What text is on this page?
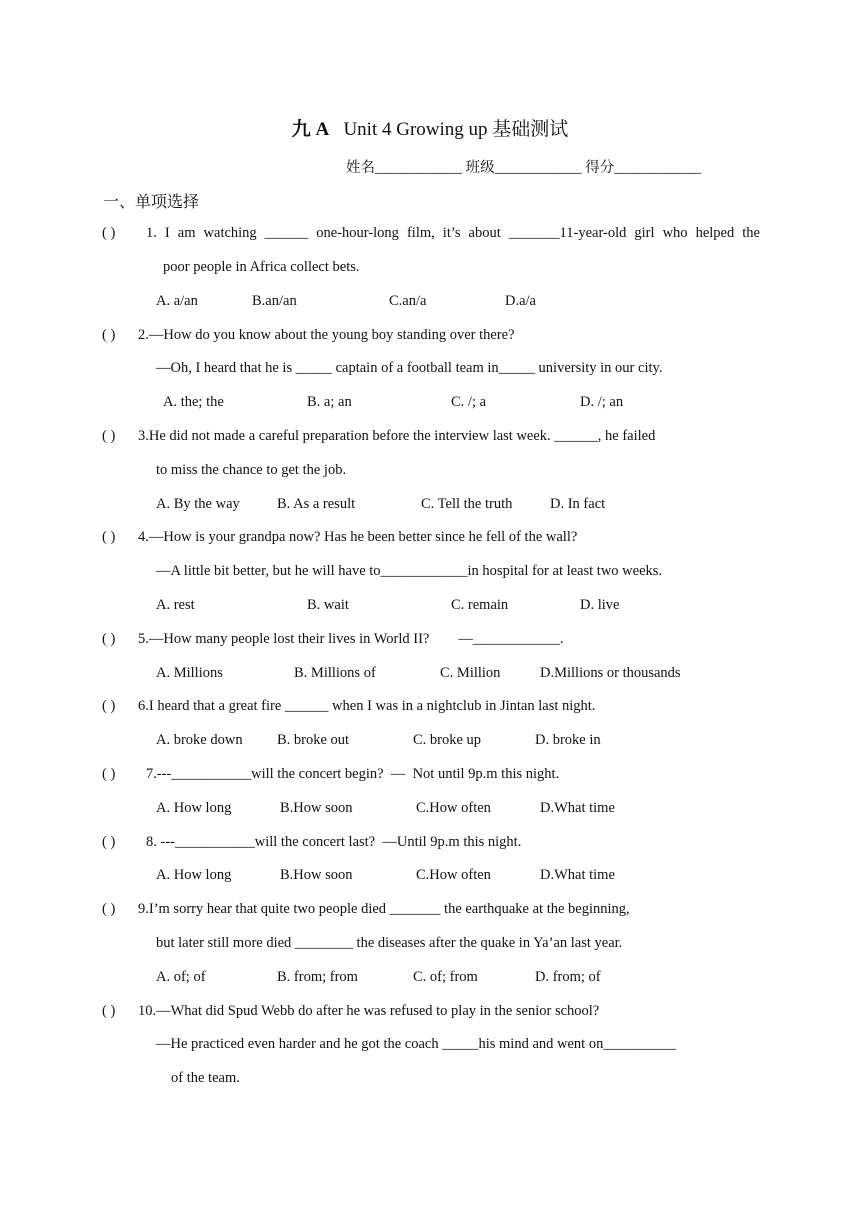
九 A Unit 4 Growing up 基础测试
姓名____________ 班级____________ 得分____________
一、单项选择
( ) 1. I am watching ______ one-hour-long film, it’s about _______11-year-old girl who helped the
poor people in Africa collect bets.
A. a/an	B.an/an	C.an/a	D.a/a
( ) 2.—How do you know about the young boy standing over there?
—Oh, I heard that he is _____ captain of a football team in_____ university in our city.
A. the; the	B. a; an	C. /; a	D. /; an
( ) 3.He did not made a careful preparation before the interview last week. ______, he failed
to miss the chance to get the job.
A. By the way	B. As a result	C. Tell the truth	D. In fact
( ) 4.—How is your grandpa now? Has he been better since he fell of the wall?
—A little bit better, but he will have to____________in hospital for at least two weeks.
A. rest	B. wait	C. remain	D. live
( ) 5.—How many people lost their lives in World II?        —____________.
A. Millions	B. Millions of	C. Million	D.Millions or thousands
( ) 6.I heard that a great fire ______ when I was in a nightclub in Jintan last night.
A. broke down B. broke out	C. broke up	D. broke in
( ) 7.---___________will the concert begin?  —  Not until 9p.m this night.
A. How long	B.How soon	C.How often	D.What time
( ) 8. ---___________will the concert last?  —Until 9p.m this night.
A. How long	B.How soon	C.How often	D.What time
( ) 9.I’m sorry hear that quite two people died _______ the earthquake at the beginning,
but later still more died ________ the diseases after the quake in Ya’an last year.
A. of; of	B. from; from	C. of; from	D. from; of
( ) 10.—What did Spud Webb do after he was refused to play in the senior school?
—He practiced even harder and he got the coach _____his mind and went on__________
of the team.
